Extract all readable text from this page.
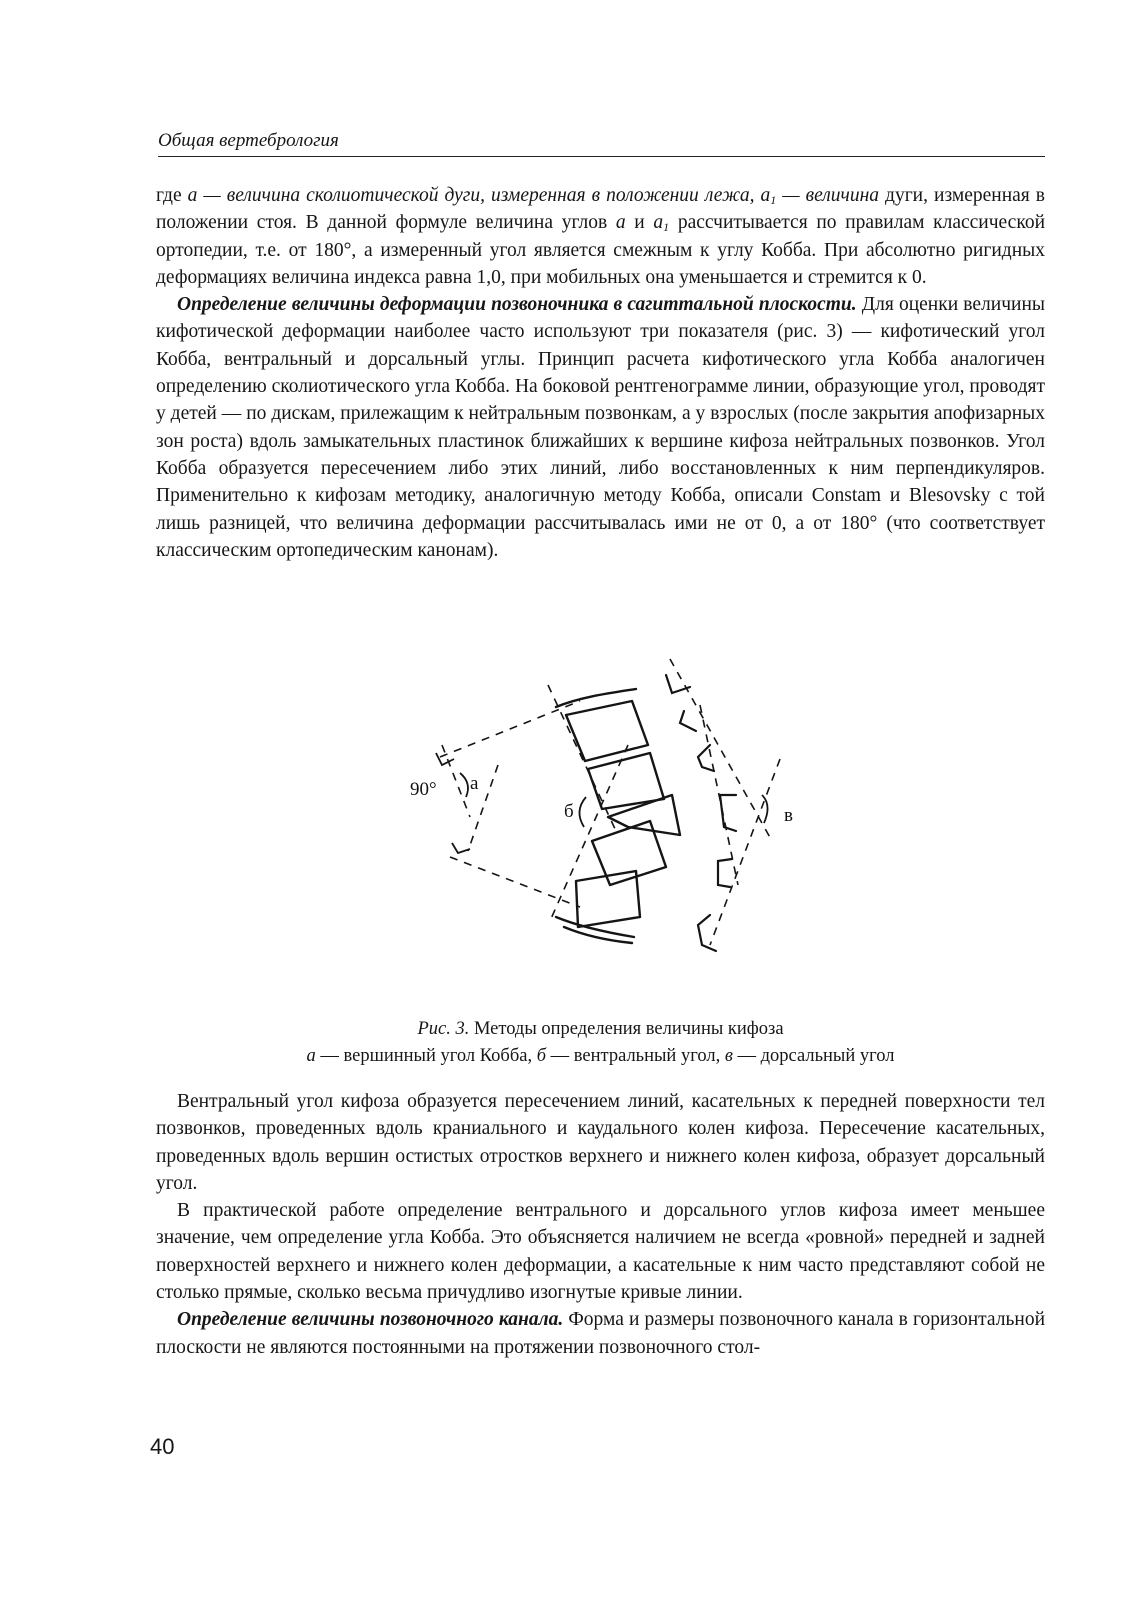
Общая вертебрология

где a — величина сколиотической дуги, измеренная в положении лежа, $a_1$ — величина дуги, измеренная в положении стоя. В данной формуле величина углов a и $a_1$ рассчитывается по правилам классической ортопедии, т.е. от 180°, а измеренный угол является смежным к углу Кобба. При абсолютно ригидных деформациях величина индекса равна 1,0, при мобильных она уменьшается и стремится к 0.

Определение величины деформации позвоночника в сагиттальной плоскости. Для оценки величины кифотической деформации наиболее часто используют три показателя (рис. 3) — кифотический угол Кобба, вентральный и дорсальный углы. Принцип расчета кифотического угла Кобба аналогичен определению сколиотического угла Кобба. На боковой рентгенограмме линии, образующие угол, проводят у детей — по дискам, прилежащим к нейтральным позвонкам, а у взрослых (после закрытия апофизарных зон роста) вдоль замыкательных пластинок ближайших к вершине кифоза нейтральных позвонков. Угол Кобба образуется пересечением либо этих линий, либо восстановленных к ним перпендикуляров. Применительно к кифозам методику, аналогичную методу Кобба, описали Constam и Blesovsky с той лишь разницей, что величина деформации рассчитывалась ими не от 0, а от 180° (что соответствует классическим ортопедическим канонам).

90° а
б	в
Рис. 3. Методы определения величины кифоза
а — вершинный угол Кобба, б — вентральный угол, в — дорсальный угол

Вентральный угол кифоза образуется пересечением линий, касательных к передней поверхности тел позвонков, проведенных вдоль краниального и каудального колен кифоза. Пересечение касательных, проведенных вдоль вершин остистых отростков верхнего и нижнего колен кифоза, образует дорсальный угол.

В практической работе определение вентрального и дорсального углов кифоза имеет меньшее значение, чем определение угла Кобба. Это объясняется наличием не всегда «ровной» передней и задней поверхностей верхнего и нижнего колен деформации, а касательные к ним часто представляют собой не столько прямые, сколько весьма причудливо изогнутые кривые линии.

Определение величины позвоночного канала. Форма и размеры позвоночного канала в горизонтальной плоскости не являются постоянными на протяжении позвоночного стол-

40
